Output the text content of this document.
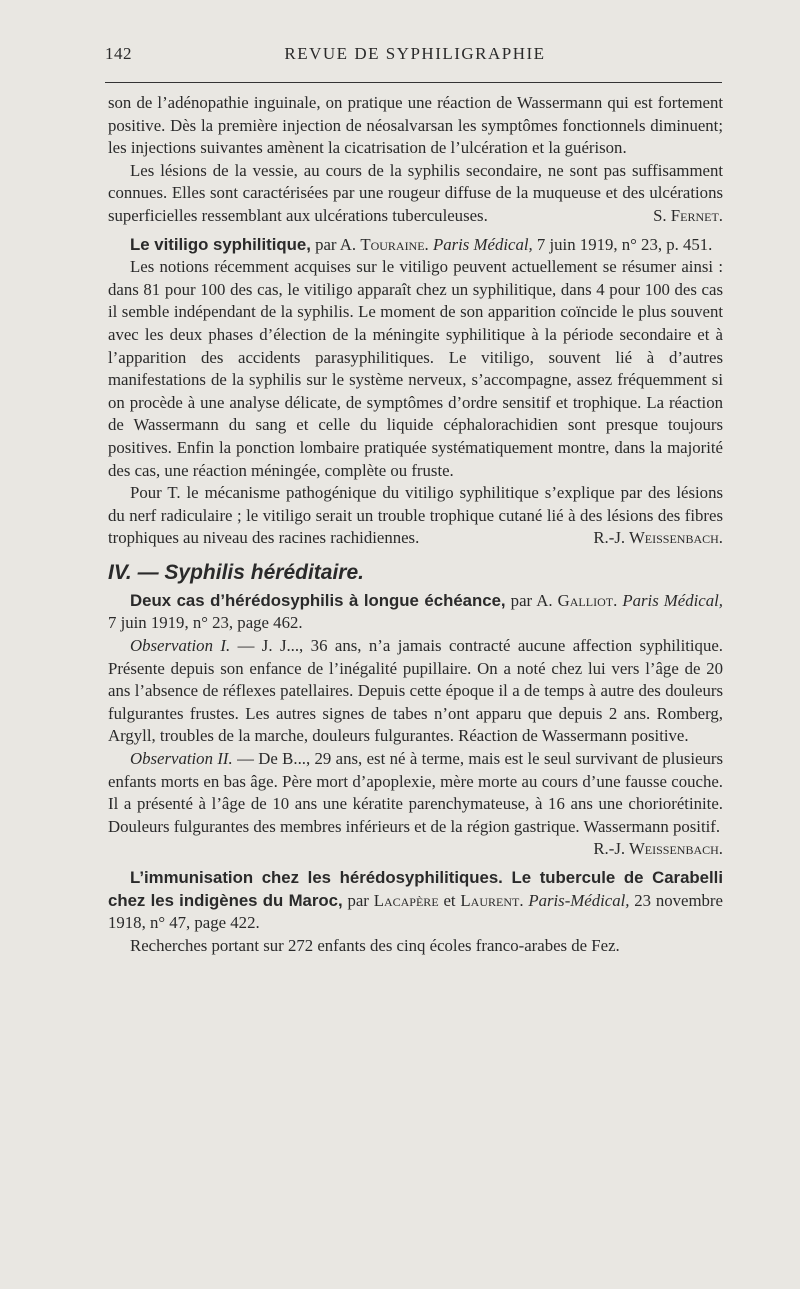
142	REVUE DE SYPHILIGRAPHIE

son de l’adénopathie inguinale, on pratique une réaction de Wassermann qui est fortement positive. Dès la première injection de néosalvarsan les symptômes fonctionnels diminuent; les injections suivantes amènent la cicatrisation de l’ulcération et la guérison.

Les lésions de la vessie, au cours de la syphilis secondaire, ne sont pas suffisamment connues. Elles sont caractérisées par une rougeur diffuse de la muqueuse et des ulcérations superficielles ressemblant aux ulcérations tuberculeuses.	S. Fernet.

Le vitiligo syphilitique, par A. Touraine. Paris Médical, 7 juin 1919, n° 23, p. 451.

Les notions récemment acquises sur le vitiligo peuvent actuellement se résumer ainsi : dans 81 pour 100 des cas, le vitiligo apparaît chez un syphilitique, dans 4 pour 100 des cas il semble indépendant de la syphilis. Le moment de son apparition coïncide le plus souvent avec les deux phases d’élection de la méningite syphilitique à la période secondaire et à l’apparition des accidents parasyphilitiques. Le vitiligo, souvent lié à d’autres manifestations de la syphilis sur le système nerveux, s’accompagne, assez fréquemment si on procède à une analyse délicate, de symptômes d’ordre sensitif et trophique. La réaction de Wassermann du sang et celle du liquide céphalorachidien sont presque toujours positives. Enfin la ponction lombaire pratiquée systématiquement montre, dans la majorité des cas, une réaction méningée, complète ou fruste.

Pour T. le mécanisme pathogénique du vitiligo syphilitique s’explique par des lésions du nerf radiculaire ; le vitiligo serait un trouble trophique cutané lié à des lésions des fibres trophiques au niveau des racines rachidiennes.	R.-J. Weissenbach.

IV. — Syphilis héréditaire.

Deux cas d’hérédosyphilis à longue échéance, par A. Galliot. Paris Médical, 7 juin 1919, n° 23, page 462.

Observation I. — J. J..., 36 ans, n’a jamais contracté aucune affection syphilitique. Présente depuis son enfance de l’inégalité pupillaire. On a noté chez lui vers l’âge de 20 ans l’absence de réflexes patellaires. Depuis cette époque il a de temps à autre des douleurs fulgurantes frustes. Les autres signes de tabes n’ont apparu que depuis 2 ans. Romberg, Argyll, troubles de la marche, douleurs fulgurantes. Réaction de Wassermann positive.

Observation II. — De B..., 29 ans, est né à terme, mais est le seul survivant de plusieurs enfants morts en bas âge. Père mort d’apoplexie, mère morte au cours d’une fausse couche. Il a présenté à l’âge de 10 ans une kératite parenchymateuse, à 16 ans une choriorétinite. Douleurs fulgurantes des membres inférieurs et de la région gastrique. Wassermann positif.

R.-J. Weissenbach.

L’immunisation chez les hérédosyphilitiques. Le tubercule de Carabelli chez les indigènes du Maroc, par Lacapère et Laurent. Paris-Médical, 23 novembre 1918, n° 47, page 422.

Recherches portant sur 272 enfants des cinq écoles franco-arabes de Fez.
